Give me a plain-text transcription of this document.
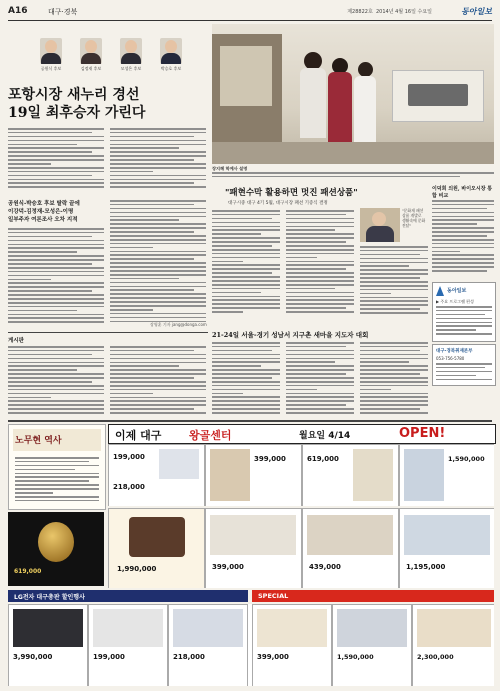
A16	대구·경북	제28822호  2014년 4월 16일 수요일	동아일보
공원식 후보	김정재 후보	모성은 후보	박승호 후보
포항시장 새누리 경선
19일 최후승자 가린다
공원식-박승호 후보 탈락 끝에
이강덕-김정재-모성은-이명
일부주자 여론조사 오차 지적
장영훈 기자 jang@donga.com
장지혜 학예사 설명
"패현수막 활용하면 멋진 패션상품"
대구시중 대구 4기 5월, 대구시장 패션 기증식 결정
"문화재 패션상품 개발로 생활속에 문화 전달"
이덕희 의원, 바이오시장 통합 비교
동아일보
▶ 주요 프로그램 편성
대구·경북취재본부
053-756-5780
게시판
21-24일 서울-경기 성남서 지구촌 새마을 지도자 대회
노무현 역사
619,000
이제 대구	왕골센터	월요일 4/14	OPEN!
199,000
218,000
399,000	619,000	1,590,000
1,990,000	399,000	439,000	1,195,000
LG전자 대구총판 할인행사	SPECIAL
3,990,000	199,000	218,000	399,000	1,590,000	2,300,000
